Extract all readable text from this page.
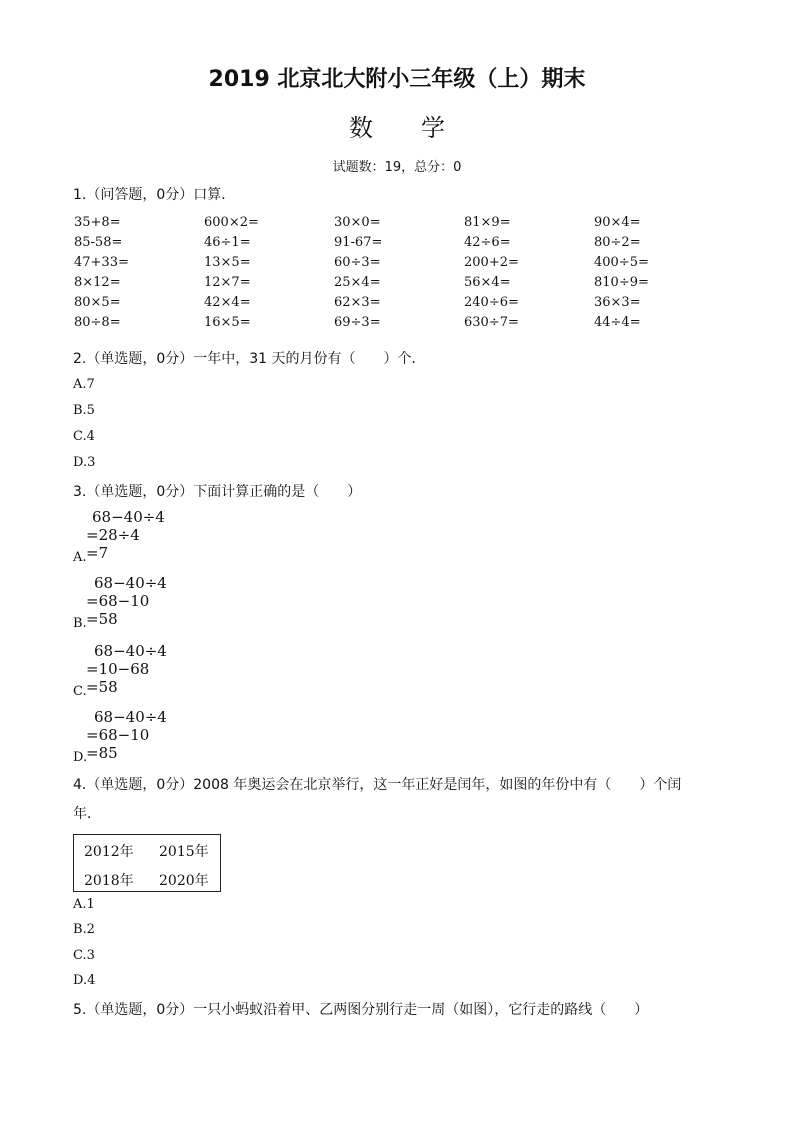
2019 北京北大附小三年级（上）期末
数　　学
试题数：19，总分：0
1.（问答题，0分）口算．
35+8=	600×2=	30×0=	81×9=	90×4=
85-58=	46÷1=	91-67=	42÷6=	80÷2=
47+33=	13×5=	60÷3=	200+2=	400÷5=
8×12=	12×7=	25×4=	56×4=	810÷9=
80×5=	42×4=	62×3=	240÷6=	36×3=
80÷8=	16×5=	69÷3=	630÷7=	44÷4=
2.（单选题，0分）一年中，31 天的月份有（　　）个．
A.7
B.5
C.4
D.3
3.（单选题，0分）下面计算正确的是（　　）
68−40÷4
=28÷4
A. =7
68−40÷4
=68−10
B. =58
68−40÷4
=10−68
C. =58
68−40÷4
=68−10
D.
=85
4.（单选题，0分）2008 年奥运会在北京举行，这一年正好是闰年，如图的年份中有（　　）个闰
年．
2012年 2015年
2018年 2020年
A.1
B.2
C.3
D.4
5.（单选题，0分）一只小蚂蚁沿着甲、乙两图分别行走一周（如图），它行走的路线（　　）
